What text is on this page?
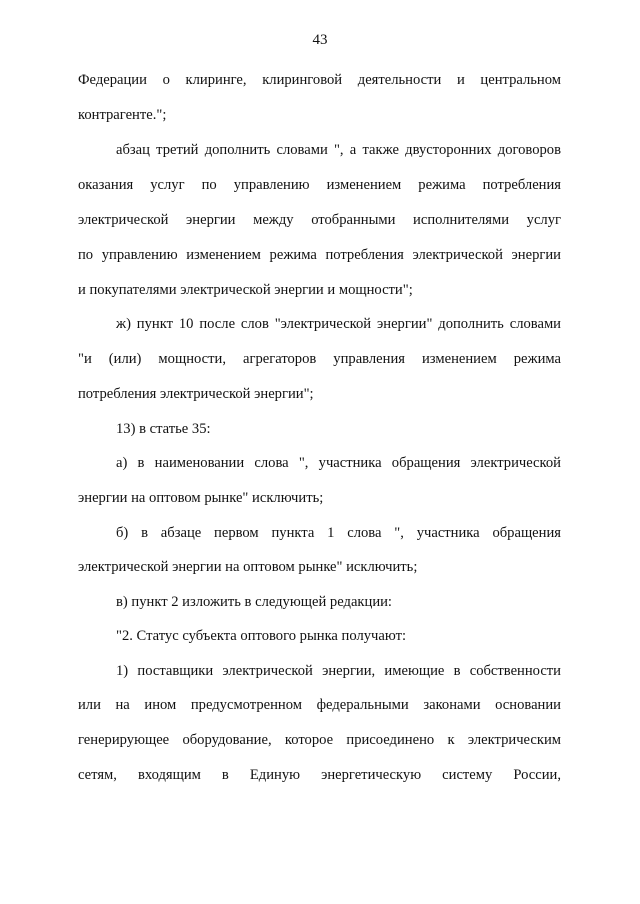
43
Федерации о клиринге, клиринговой деятельности и центральном
контрагенте.";
абзац третий дополнить словами ", а также двусторонних договоров
оказания услуг по управлению изменением режима потребления
электрической энергии между отобранными исполнителями услуг
по управлению изменением режима потребления электрической энергии
и покупателями электрической энергии и мощности";
ж) пункт 10 после слов "электрической энергии" дополнить словами
"и (или) мощности, агрегаторов управления изменением режима
потребления электрической энергии";
13) в статье 35:
а) в наименовании слова ", участника обращения электрической
энергии на оптовом рынке" исключить;
б) в абзаце первом пункта 1 слова ", участника обращения
электрической энергии на оптовом рынке" исключить;
в) пункт 2 изложить в следующей редакции:
"2. Статус субъекта оптового рынка получают:
1) поставщики электрической энергии, имеющие в собственности
или на ином предусмотренном федеральными законами основании
генерирующее оборудование, которое присоединено к электрическим
сетям, входящим в Единую энергетическую систему России,
